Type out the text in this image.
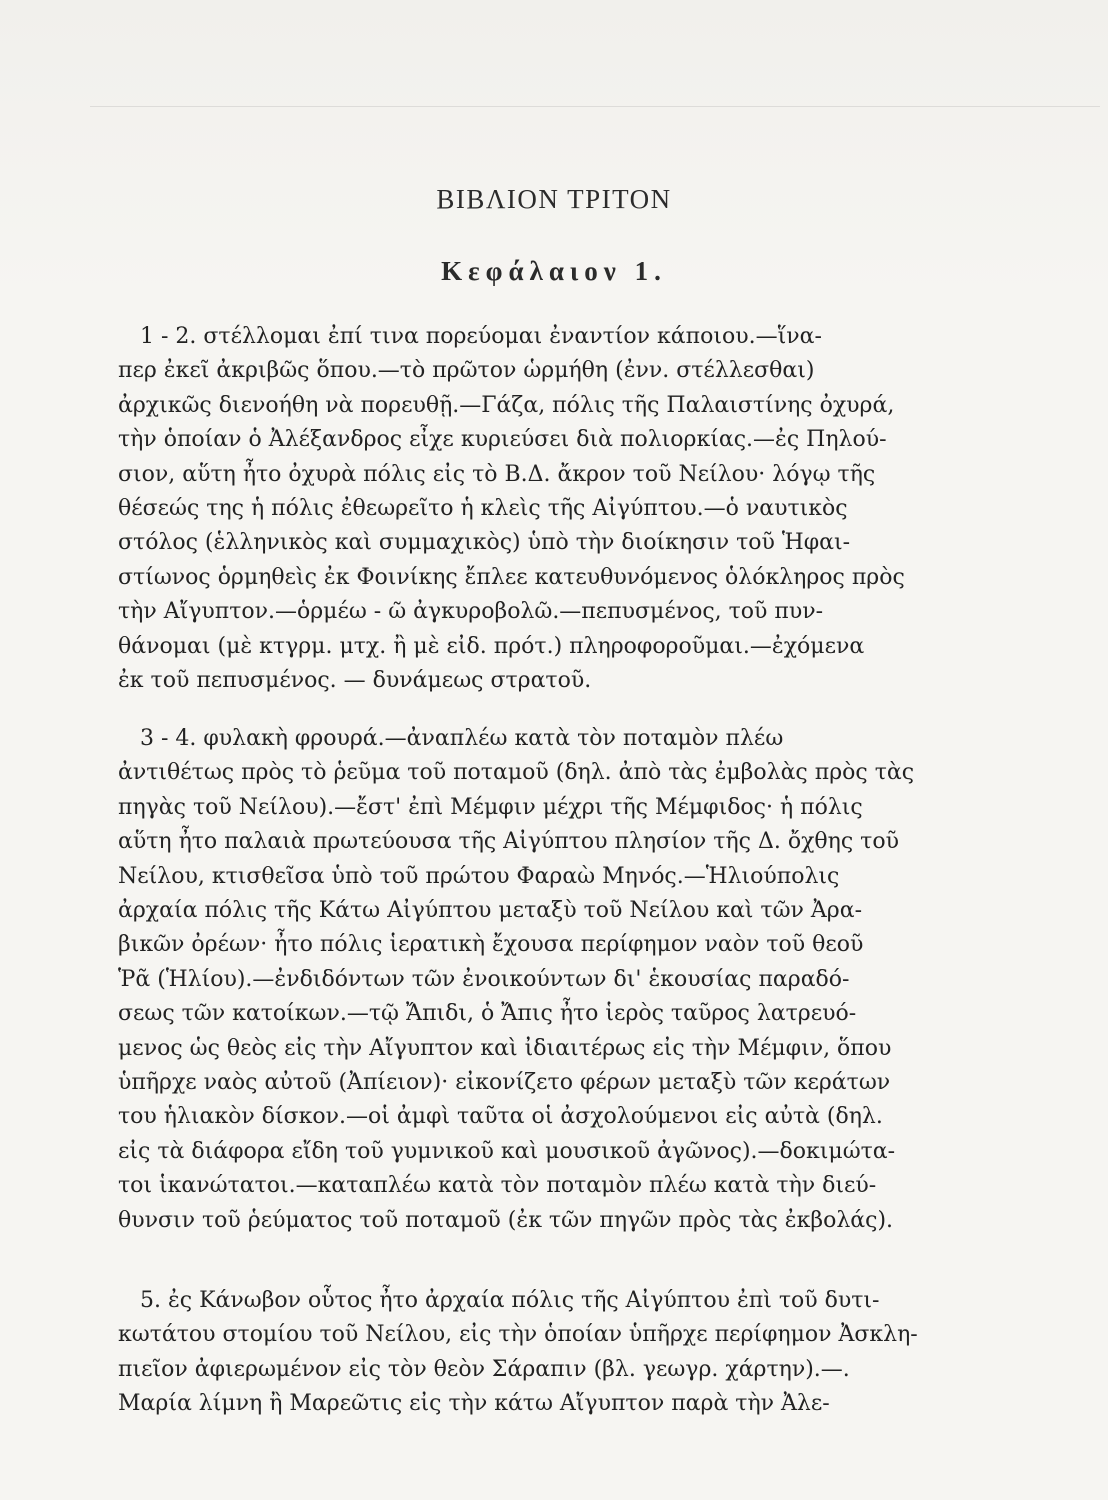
ΒΙΒΛΙΟΝ ΤΡΙΤΟΝ
Κεφάλαιον 1.
1 - 2. στέλλομαι ἐπί τινα πορεύομαι ἐναντίον κάποιου.—ἵνα-
περ ἐκεῖ ἀκριβῶς ὅπου.—τὸ πρῶτον ὡρμήθη (ἐνν. στέλλεσθαι)
ἀρχικῶς διενοήθη νὰ πορευθῇ.—Γάζα, πόλις τῆς Παλαιστίνης ὀχυρά,
τὴν ὁποίαν ὁ Ἀλέξανδρος εἶχε κυριεύσει διὰ πολιορκίας.—ἐς Πηλού-
σιον, αὕτη ἦτο ὀχυρὰ πόλις εἰς τὸ Β.Δ. ἄκρον τοῦ Νείλου· λόγῳ τῆς
θέσεώς της ἡ πόλις ἐθεωρεῖτο ἡ κλεὶς τῆς Αἰγύπτου.—ὁ ναυτικὸς
στόλος (ἑλληνικὸς καὶ συμμαχικὸς) ὑπὸ τὴν διοίκησιν τοῦ Ἡφαι-
στίωνος ὁρμηθεὶς ἐκ Φοινίκης ἔπλεε κατευθυνόμενος ὁλόκληρος πρὸς
τὴν Αἴγυπτον.—ὁρμέω - ῶ ἀγκυροβολῶ.—πεπυσμένος, τοῦ πυν-
θάνομαι (μὲ κτγρμ. μτχ. ἢ μὲ εἰδ. πρότ.) πληροφοροῦμαι.—ἐχόμενα
ἐκ τοῦ πεπυσμένος. — δυνάμεως στρατοῦ.
3 - 4. φυλακὴ φρουρά.—ἀναπλέω κατὰ τὸν ποταμὸν πλέω
ἀντιθέτως πρὸς τὸ ῥεῦμα τοῦ ποταμοῦ (δηλ. ἀπὸ τὰς ἐμβολὰς πρὸς τὰς
πηγὰς τοῦ Νείλου).—ἔστ' ἐπὶ Μέμφιν μέχρι τῆς Μέμφιδος· ἡ πόλις
αὕτη ἦτο παλαιὰ πρωτεύουσα τῆς Αἰγύπτου πλησίον τῆς Δ. ὄχθης τοῦ
Νείλου, κτισθεῖσα ὑπὸ τοῦ πρώτου Φαραὼ Μηνός.—Ἡλιούπολις
ἀρχαία πόλις τῆς Κάτω Αἰγύπτου μεταξὺ τοῦ Νείλου καὶ τῶν Ἀρα-
βικῶν ὀρέων· ἦτο πόλις ἱερατικὴ ἔχουσα περίφημον ναὸν τοῦ θεοῦ
Ῥᾶ (Ἡλίου).—ἐνδιδόντων τῶν ἐνοικούντων δι' ἑκουσίας παραδό-
σεως τῶν κατοίκων.—τῷ Ἄπιδι, ὁ Ἄπις ἦτο ἱερὸς ταῦρος λατρευό-
μενος ὡς θεὸς εἰς τὴν Αἴγυπτον καὶ ἰδιαιτέρως εἰς τὴν Μέμφιν, ὅπου
ὑπῆρχε ναὸς αὐτοῦ (Ἀπίειον)· εἰκονίζετο φέρων μεταξὺ τῶν κεράτων
του ἡλιακὸν δίσκον.—οἱ ἀμφὶ ταῦτα οἱ ἀσχολούμενοι εἰς αὐτὰ (δηλ.
εἰς τὰ διάφορα εἴδη τοῦ γυμνικοῦ καὶ μουσικοῦ ἀγῶνος).—δοκιμώτα-
τοι ἱκανώτατοι.—καταπλέω κατὰ τὸν ποταμὸν πλέω κατὰ τὴν διεύ-
θυνσιν τοῦ ῥεύματος τοῦ ποταμοῦ (ἐκ τῶν πηγῶν πρὸς τὰς ἐκβολάς).
5. ἐς Κάνωβον οὗτος ἦτο ἀρχαία πόλις τῆς Αἰγύπτου ἐπὶ τοῦ δυτι-
κωτάτου στομίου τοῦ Νείλου, εἰς τὴν ὁποίαν ὑπῆρχε περίφημον Ἀσκλη-
πιεῖον ἀφιερωμένον εἰς τὸν θεὸν Σάραπιν (βλ. γεωγρ. χάρτην).—.
Μαρία λίμνη ἢ Μαρεῶτις εἰς τὴν κάτω Αἴγυπτον παρὰ τὴν Ἀλε-
